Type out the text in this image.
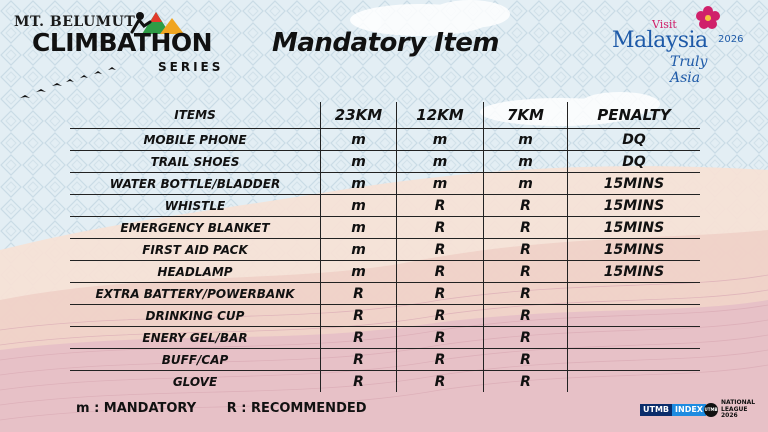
MT. BELUMUT
CLIMBATHON
SERIES
Mandatory Item
Visit
Malaysia 2026
Truly Asia
ITEMS	23KM	12KM	7KM	PENALTY
MOBILE PHONE	m	m	m	DQ
TRAIL SHOES	m	m	m	DQ
WATER BOTTLE/BLADDER	m	m	m	15MINS
WHISTLE	m	R	R	15MINS
EMERGENCY BLANKET	m	R	R	15MINS
FIRST AID PACK	m	R	R	15MINS
HEADLAMP	m	R	R	15MINS
EXTRA BATTERY/POWERBANK	R	R	R	
DRINKING CUP	R	R	R	
ENERY GEL/BAR	R	R	R	
BUFF/CAP	R	R	R	
GLOVE	R	R	R	
m : MANDATORY R : RECOMMENDED	UTMB INDEX UTMB
NATIONAL
LEAGUE
2026
